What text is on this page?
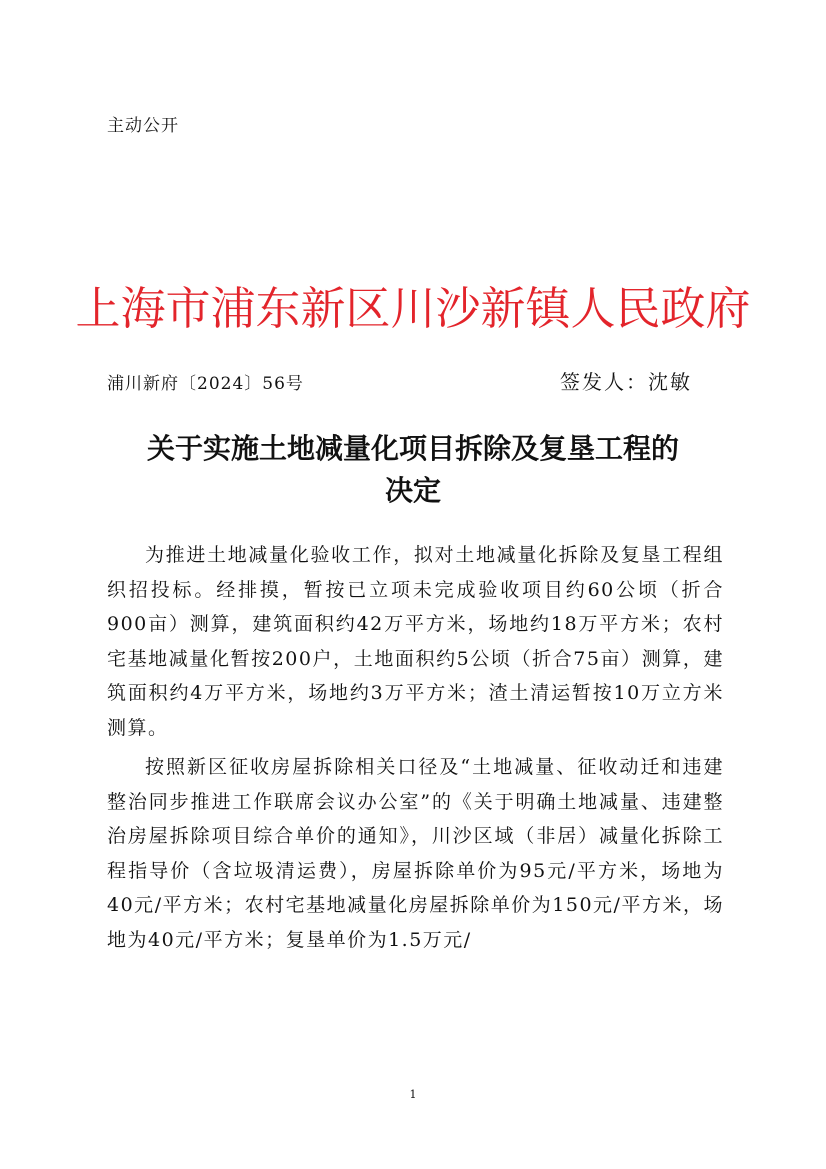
主动公开
上海市浦东新区川沙新镇人民政府
浦川新府〔2024〕56号	签发人：沈敏
关于实施土地减量化项目拆除及复垦工程的
决定

为推进土地减量化验收工作，拟对土地减量化拆除及复垦工程组织招投标。经排摸，暂按已立项未完成验收项目约60公顷（折合900亩）测算，建筑面积约42万平方米，场地约18万平方米；农村宅基地减量化暂按200户，土地面积约5公顷（折合75亩）测算，建筑面积约4万平方米，场地约3万平方米；渣土清运暂按10万立方米测算。

按照新区征收房屋拆除相关口径及“土地减量、征收动迁和违建整治同步推进工作联席会议办公室”的《关于明确土地减量、违建整治房屋拆除项目综合单价的通知》，川沙区域（非居）减量化拆除工程指导价（含垃圾清运费），房屋拆除单价为95元/平方米，场地为40元/平方米；农村宅基地减量化房屋拆除单价为150元/平方米，场地为40元/平方米；复垦单价为1.5万元/

1
